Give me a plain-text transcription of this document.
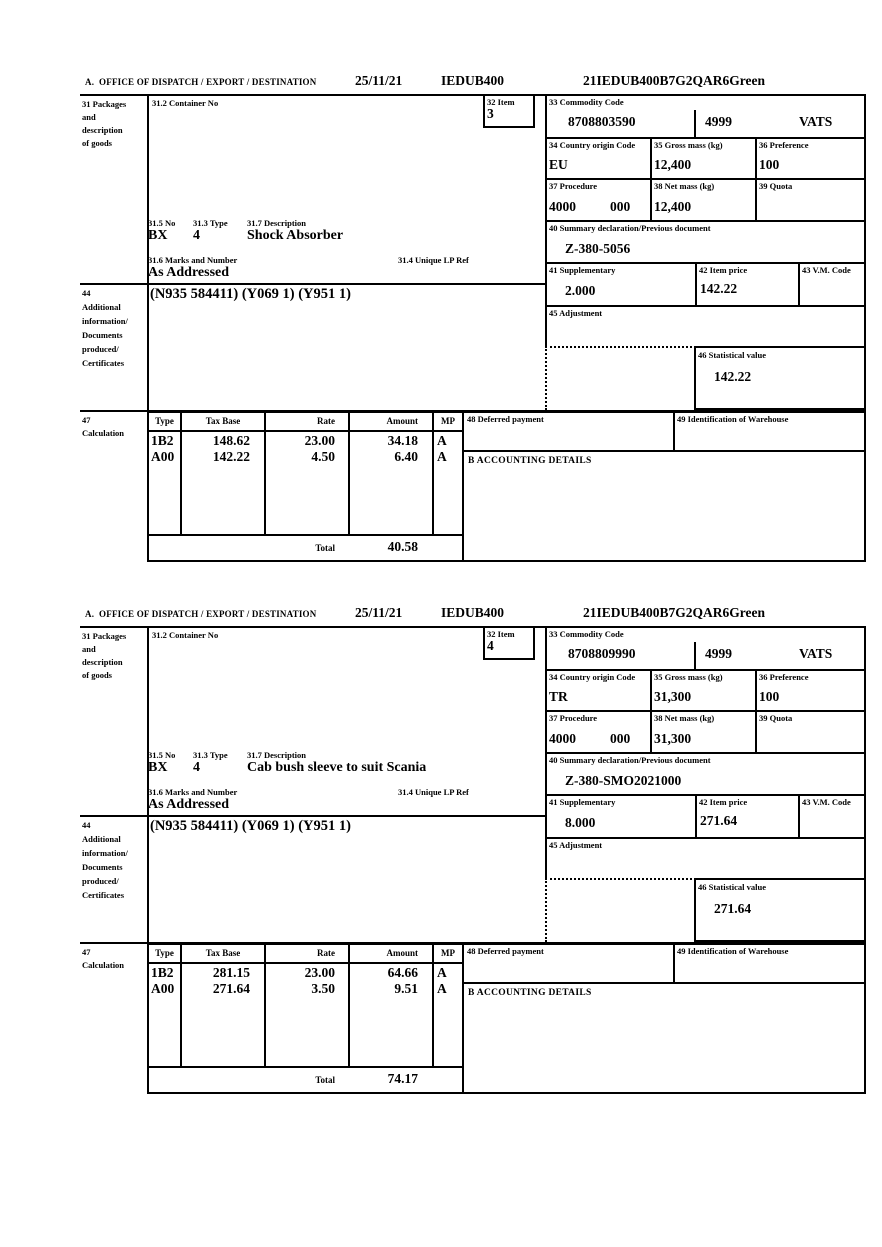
A.  OFFICE OF DISPATCH / EXPORT / DESTINATION	25/11/21	IEDUB400	21IEDUB400B7G2QAR6Green
31 Packages
and
description
of goods
31.2 Container No	32 Item
3
31.5 No 31.3 Type 31.7 Description
BX 4	Shock Absorber
31.6 Marks and Number	31.4 Unique LP Ref
As Addressed
44
Additional
information/
Documents
produced/
Certificates
(N935 584411) (Y069 1) (Y951 1)
33 Commodity Code
8708803590	4999	VATS
34 Country origin Code
EU
35 Gross mass (kg)
12,400
36 Preference
100
37 Procedure
4000	000
38 Net mass (kg)
12,400
39 Quota
40 Summary declaration/Previous document
Z-380-5056
41 Supplementary
2.000
42 Item price
142.22
43 V.M. Code
45 Adjustment
46 Statistical value
142.22
47
Calculation
Type	Tax Base	Rate	Amount	MP
1B2	148.62	23.00	34.18 A
A00	142.22	4.50	6.40 A
Total	40.58
48 Deferred payment	49 Identification of Warehouse
B ACCOUNTING DETAILS
A.  OFFICE OF DISPATCH / EXPORT / DESTINATION	25/11/21	IEDUB400	21IEDUB400B7G2QAR6Green
31 Packages
and
description
of goods
31.2 Container No	32 Item
4
31.5 No 31.3 Type 31.7 Description
BX 4	Cab bush sleeve to suit Scania
31.6 Marks and Number	31.4 Unique LP Ref
As Addressed
44
Additional
information/
Documents
produced/
Certificates
(N935 584411) (Y069 1) (Y951 1)
33 Commodity Code
8708809990	4999	VATS
34 Country origin Code
TR
35 Gross mass (kg)
31,300
36 Preference
100
37 Procedure
4000	000
38 Net mass (kg)
31,300
39 Quota
40 Summary declaration/Previous document
Z-380-SMO2021000
41 Supplementary
8.000
42 Item price
271.64
43 V.M. Code
45 Adjustment
46 Statistical value
271.64
47
Calculation
Type	Tax Base	Rate	Amount	MP
1B2	281.15	23.00	64.66 A
A00	271.64	3.50	9.51 A
Total	74.17
48 Deferred payment	49 Identification of Warehouse
B ACCOUNTING DETAILS
